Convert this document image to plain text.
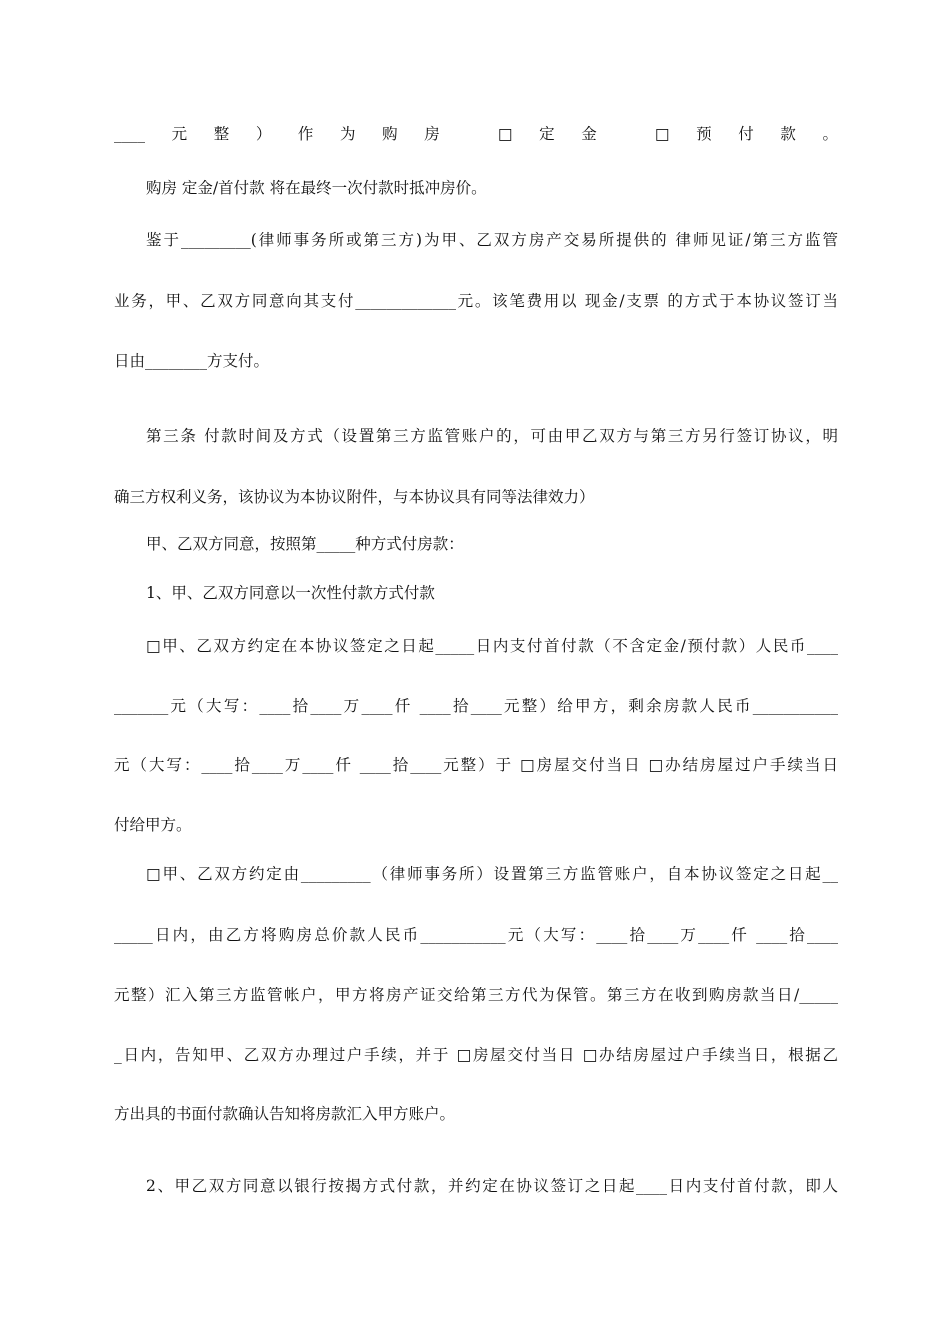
____元整）作为购房 □定金 □预付款。
购房 定金/首付款 将在最终一次付款时抵冲房价。
鉴于_________(律师事务所或第三方)为甲、乙双方房产交易所提供的 律师见证/第三方监管
业务，甲、乙双方同意向其支付_____________元。该笔费用以 现金/支票 的方式于本协议签订当
日由________方支付。
第三条 付款时间及方式（设置第三方监管账户的，可由甲乙双方与第三方另行签订协议，明
确三方权利义务，该协议为本协议附件，与本协议具有同等法律效力）
甲、乙双方同意，按照第_____种方式付房款：
1、甲、乙双方同意以一次性付款方式付款
□甲、乙双方约定在本协议签定之日起_____日内支付首付款（不含定金/预付款）人民币____
_______元（大写：____拾____万____仟 ____拾____元整）给甲方，剩余房款人民币___________
元（大写：____拾____万____仟 ____拾____元整）于 □房屋交付当日 □办结房屋过户手续当日
付给甲方。
□甲、乙双方约定由_________（律师事务所）设置第三方监管账户，自本协议签定之日起__
_____日内，由乙方将购房总价款人民币___________元（大写：____拾____万____仟 ____拾____
元整）汇入第三方监管帐户，甲方将房产证交给第三方代为保管。第三方在收到购房款当日/_____
_日内，告知甲、乙双方办理过户手续，并于 □房屋交付当日 □办结房屋过户手续当日，根据乙
方出具的书面付款确认告知将房款汇入甲方账户。
2、甲乙双方同意以银行按揭方式付款，并约定在协议签订之日起____日内支付首付款，即人
